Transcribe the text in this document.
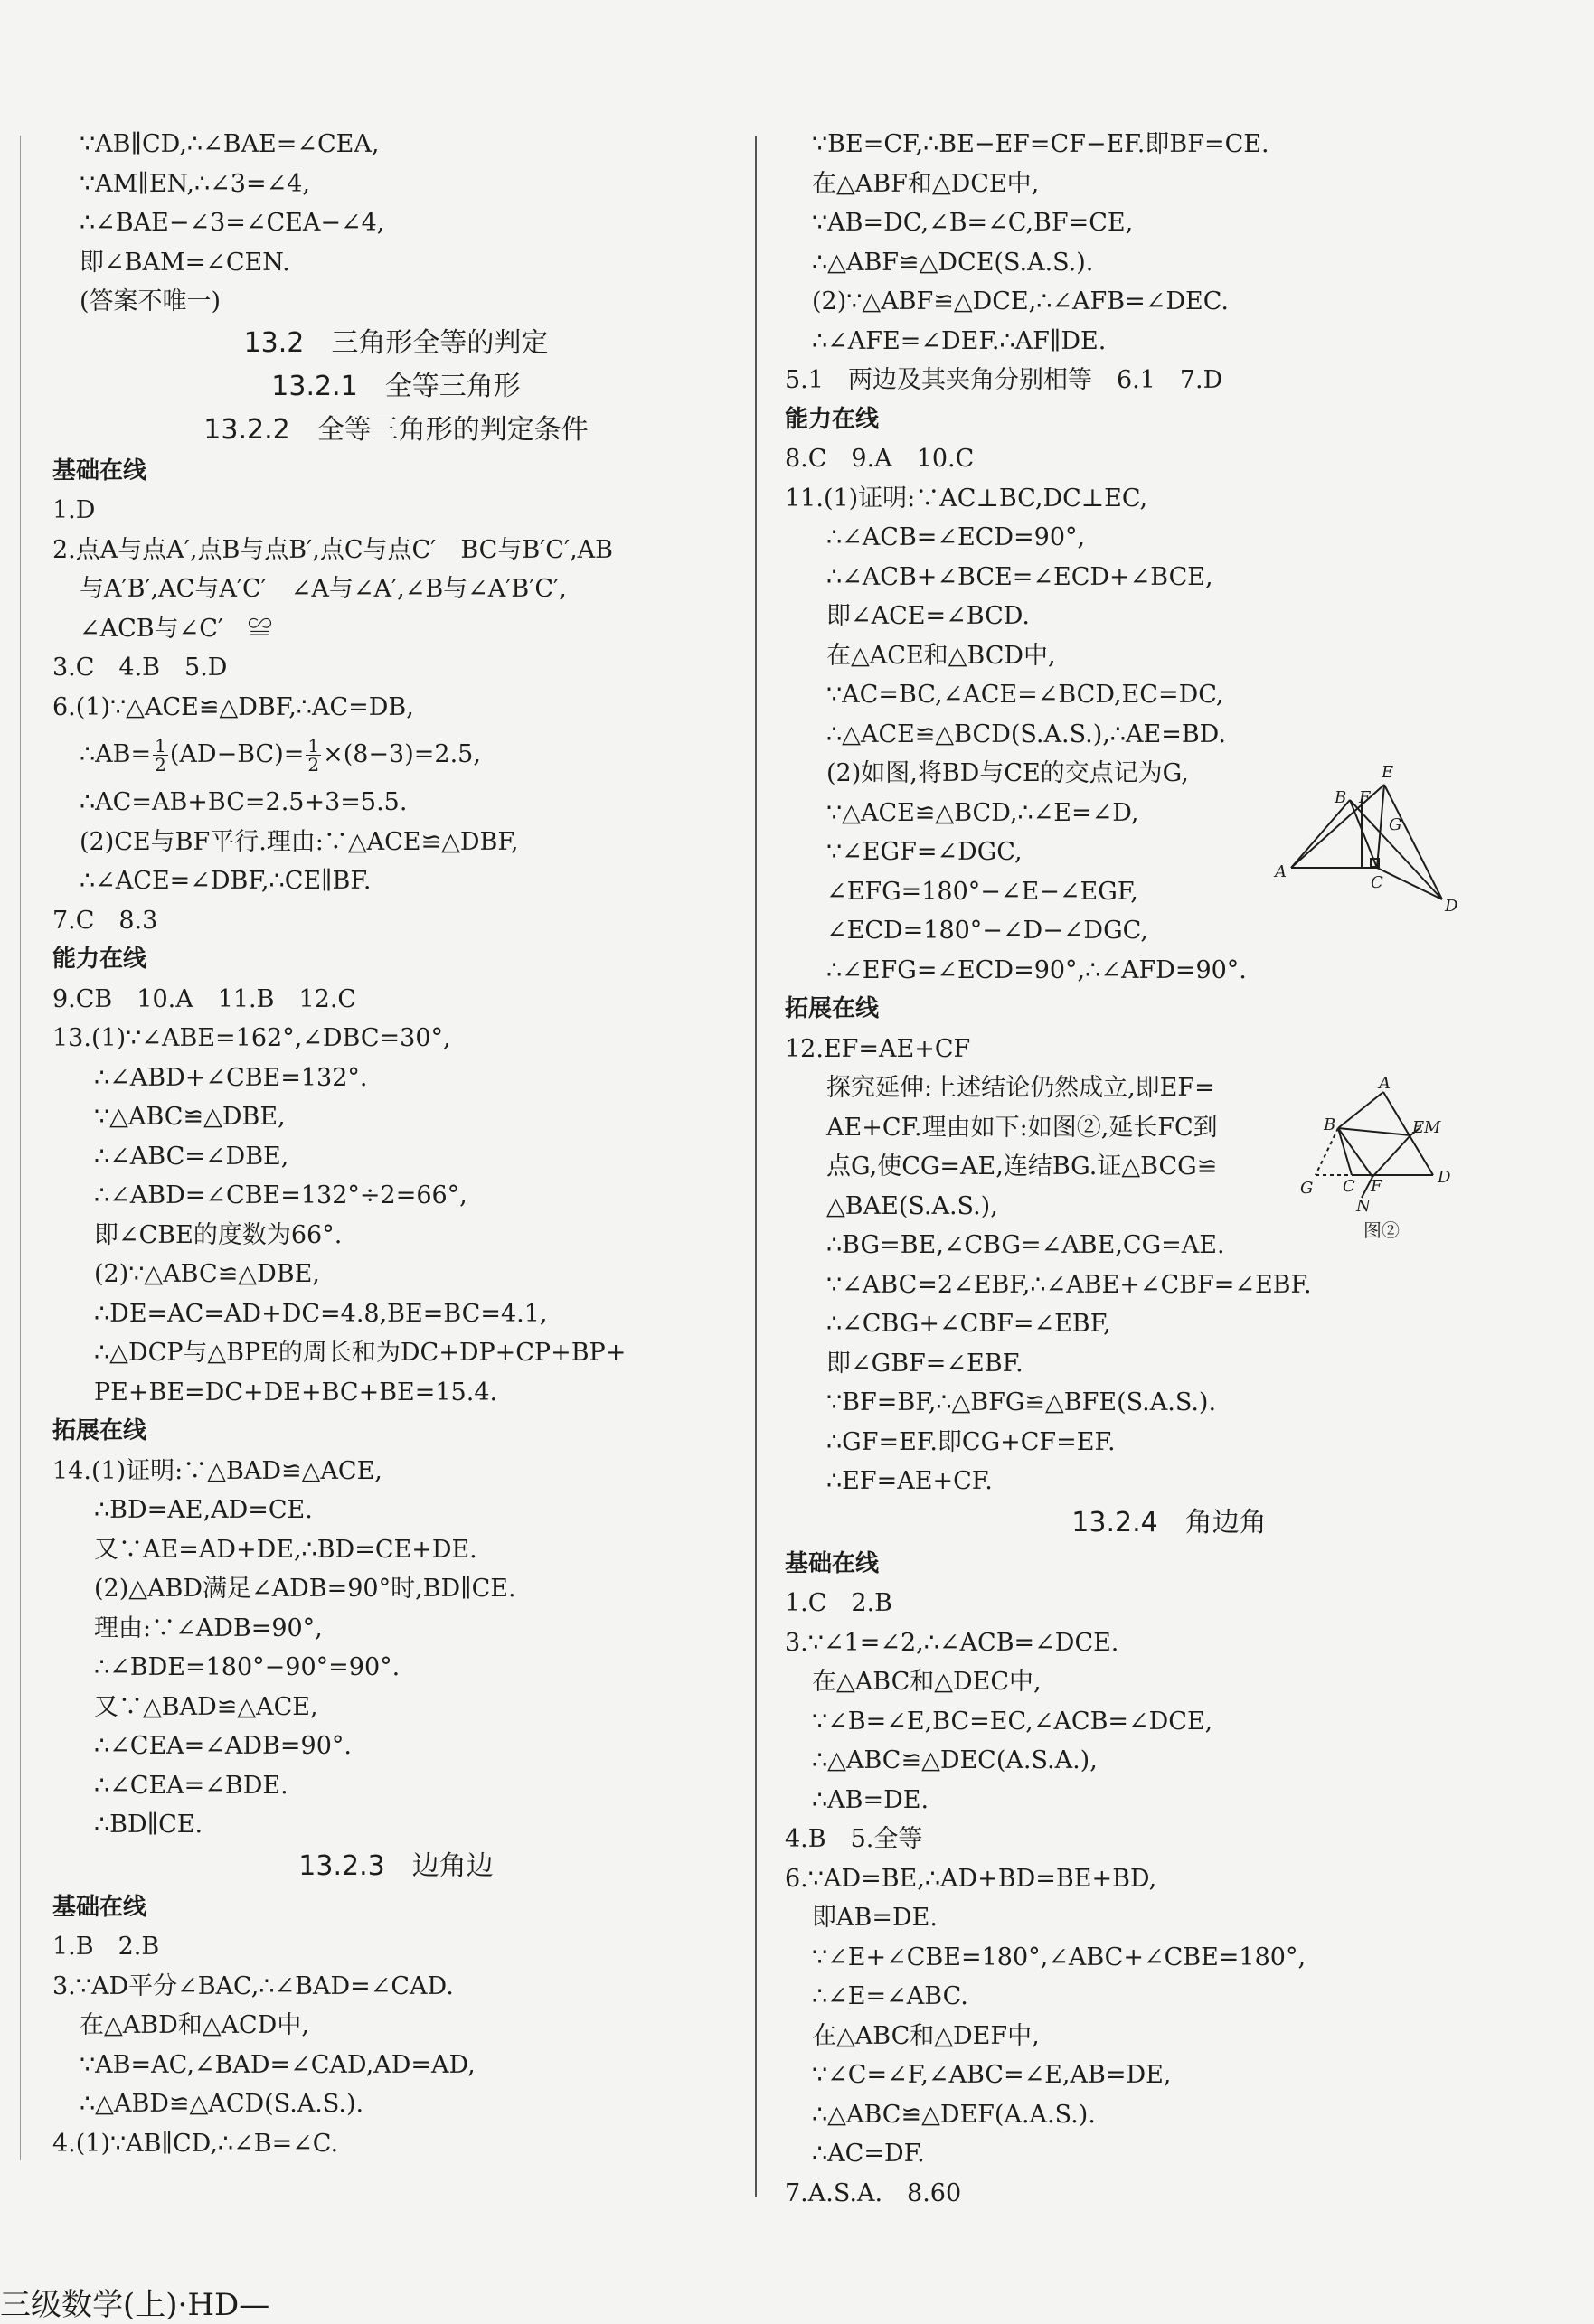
∵AB∥CD,∴∠BAE=∠CEA,
∵AM∥EN,∴∠3=∠4,
∴∠BAE−∠3=∠CEA−∠4,
即∠BAM=∠CEN.
(答案不唯一)
13.2　三角形全等的判定
13.2.1　全等三角形
13.2.2　全等三角形的判定条件
基础在线
1.D
2.点A与点A′,点B与点B′,点C与点C′　BC与B′C′,AB
与A′B′,AC与A′C′　∠A与∠A′,∠B与∠A′B′C′,
∠ACB与∠C′　≌
3.C　4.B　5.D
6.(1)∵△ACE≌△DBF,∴AC=DB,
∴AB= $\frac{1}{2} (AD-BC)= \frac{1}{2} \times(8-3)=2.5$,
∴AC=AB+BC=2.5+3=5.5.
(2)CE与BF平行.理由:∵△ACE≌△DBF,
∴∠ACE=∠DBF,∴CE∥BF.
7.C　8.3
能力在线
9.CB　10.A　11.B　12.C
13.(1)∵∠ABE=162°,∠DBC=30°,
∴∠ABD+∠CBE=132°.
∵△ABC≌△DBE,
∴∠ABC=∠DBE,
∴∠ABD=∠CBE=132°÷2=66°,
即∠CBE的度数为66°.
(2)∵△ABC≌△DBE,
∴DE=AC=AD+DC=4.8,BE=BC=4.1,
∴△DCP与△BPE的周长和为DC+DP+CP+BP+
PE+BE=DC+DE+BC+BE=15.4.
拓展在线
14.(1)证明:∵△BAD≌△ACE,
∴BD=AE,AD=CE.
又∵AE=AD+DE,∴BD=CE+DE.
(2)△ABD满足∠ADB=90°时,BD∥CE.
理由:∵∠ADB=90°,
∴∠BDE=180°−90°=90°.
又∵△BAD≌△ACE,
∴∠CEA=∠ADB=90°.
∴∠CEA=∠BDE.
∴BD∥CE.
13.2.3　边角边
基础在线
1.B　2.B
3.∵AD平分∠BAC,∴∠BAD=∠CAD.
在△ABD和△ACD中,
∵AB=AC,∠BAD=∠CAD,AD=AD,
∴△ABD≌△ACD(S.A.S.).
4.(1)∵AB∥CD,∴∠B=∠C.
∵BE=CF,∴BE−EF=CF−EF.即BF=CE.
在△ABF和△DCE中,
∵AB=DC,∠B=∠C,BF=CE,
∴△ABF≌△DCE(S.A.S.).
(2)∵△ABF≌△DCE,∴∠AFB=∠DEC.
∴∠AFE=∠DEF.∴AF∥DE.
5.1　两边及其夹角分别相等　6.1　7.D
能力在线
8.C　9.A　10.C
11.(1)证明:∵AC⊥BC,DC⊥EC,
∴∠ACB=∠ECD=90°,
∴∠ACB+∠BCE=∠ECD+∠BCE,
即∠ACE=∠BCD.
在△ACE和△BCD中,
∵AC=BC,∠ACE=∠BCD,EC=DC,
∴△ACE≌△BCD(S.A.S.),∴AE=BD.
(2)如图,将BD与CE的交点记为G,
∵△ACE≌△BCD,∴∠E=∠D,
∵∠EGF=∠DGC,
∠EFG=180°−∠E−∠EGF,
∠ECD=180°−∠D−∠DGC,
∴∠EFG=∠ECD=90°,∴∠AFD=90°.
拓展在线
12.EF=AE+CF
探究延伸:上述结论仍然成立,即EF=
AE+CF.理由如下:如图②,延长FC到
点G,使CG=AE,连结BG.证△BCG≌
△BAE(S.A.S.),
∴BG=BE,∠CBG=∠ABE,CG=AE.
∵∠ABC=2∠EBF,∴∠ABE+∠CBF=∠EBF.
∴∠CBG+∠CBF=∠EBF,
即∠GBF=∠EBF.
∵BF=BF,∴△BFG≌△BFE(S.A.S.).
∴GF=EF.即CG+CF=EF.
∴EF=AE+CF.
13.2.4　角边角
基础在线
1.C　2.B
3.∵∠1=∠2,∴∠ACB=∠DCE.
在△ABC和△DEC中,
∵∠B=∠E,BC=EC,∠ACB=∠DCE,
∴△ABC≌△DEC(A.S.A.),
∴AB=DE.
4.B　5.全等
6.∵AD=BE,∴AD+BD=BE+BD,
即AB=DE.
∵∠E+∠CBE=180°,∠ABC+∠CBE=180°,
∴∠E=∠ABC.
在△ABC和△DEF中,
∵∠C=∠F,∠ABC=∠E,AB=DE,
∴△ABC≌△DEF(A.A.S.).
∴AC=DF.
7.A.S.A.　8.60
E
B F
G
A
C
D
A
B	E M
G C F
N
D
图②
三级数学(上)·HD—
